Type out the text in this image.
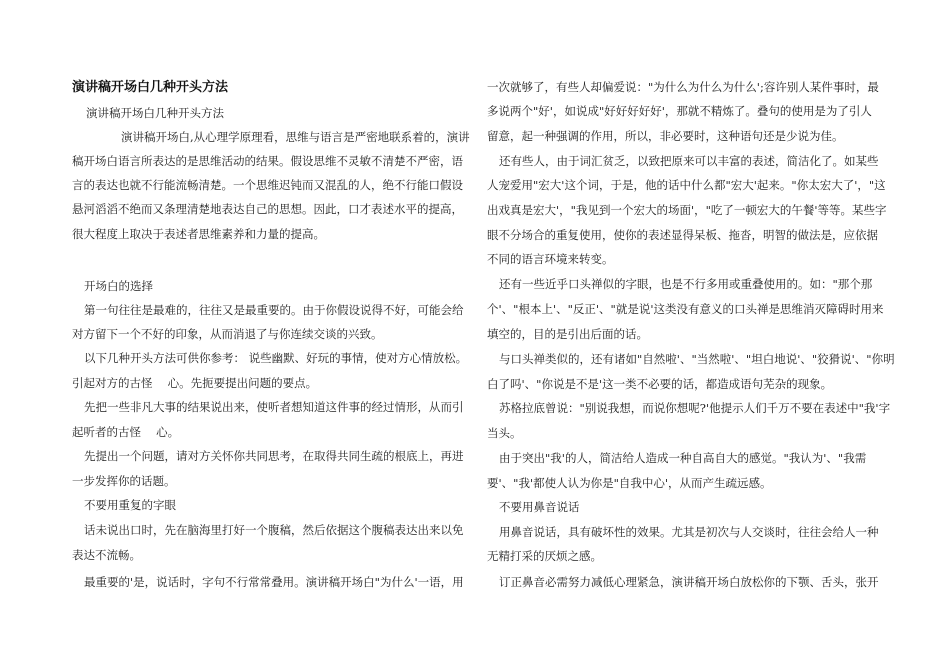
演讲稿开场白几种开头方法

演讲稿开场白几种开头方法

演讲稿开场白,从心理学原理看，思维与语言是严密地联系着的，演讲

稿开场白语言所表达的是思维活动的结果。假设思维不灵敏不清楚不严密，语

言的表达也就不行能流畅清楚。一个思维迟钝而又混乱的人，绝不行能口假设

悬河滔滔不绝而又条理清楚地表达自己的思想。因此，口才表述水平的提高，

很大程度上取决于表述者思维素养和力量的提高。

开场白的选择

第一句往往是最难的，往往又是最重要的。由于你假设说得不好，可能会给

对方留下一个不好的印象，从而消退了与你连续交谈的兴致。

以下几种开头方法可供你参考： 说些幽默、好玩的事情，使对方心情放松。

引起对方的古怪　 心。先扼要提出问题的要点。

先把一些非凡大事的结果说出来，使听者想知道这件事的经过情形，从而引

起听者的古怪　 心。

先提出一个问题，请对方关怀你共同思考，在取得共同生疏的根底上，再进

一步发挥你的话题。

不要用重复的字眼

话未说出口时，先在脑海里打好一个腹稿，然后依据这个腹稿表达出来以免

表达不流畅。

最重要的'是，说话时，字句不行常常叠用。演讲稿开场白"为什么'一语，用

一次就够了，有些人却偏爱说："为什么为什么为什么';容许别人某件事时，最

多说两个"好'，如说成"好好好好好'，那就不精炼了。叠句的使用是为了引人

留意，起一种强调的作用，所以，非必要时，这种语句还是少说为佳。

还有些人，由于词汇贫乏，以致把原来可以丰富的表述，简洁化了。如某些

人宠爱用"宏大'这个词，于是，他的话中什么都"宏大'起来。"你太宏大了'，"这

出戏真是宏大'，"我见到一个宏大的场面'，"吃了一顿宏大的午餐'等等。某些字

眼不分场合的重复使用，使你的表述显得呆板、拖沓，明智的做法是，应依据

不同的语言环境来转变。

还有一些近乎口头禅似的字眼，也是不行多用或重叠使用的。如："那个那

个'、"根本上'、"反正'、"就是说'这类没有意义的口头禅是思维消灭障碍时用来

填空的，目的是引出后面的话。

与口头禅类似的，还有诸如"自然啦'、"当然啦'、"坦白地说'、"狡猾说'、"你明

白了吗'、"你说是不是'这一类不必要的话，都造成语句芜杂的现象。

苏格拉底曾说："别说我想，而说你想呢?'他提示人们千万不要在表述中"我'字

当头。

由于突出"我'的人，简洁给人造成一种自高自大的感觉。"我认为'、"我需

要'、"我'都使人认为你是"自我中心'，从而产生疏远感。

不要用鼻音说话

用鼻音说话，具有破坏性的效果。尤其是初次与人交谈时，往往会给人一种

无精打采的厌烦之感。

订正鼻音必需努力减低心理紧急，演讲稿开场白放松你的下颚、舌头，张开
